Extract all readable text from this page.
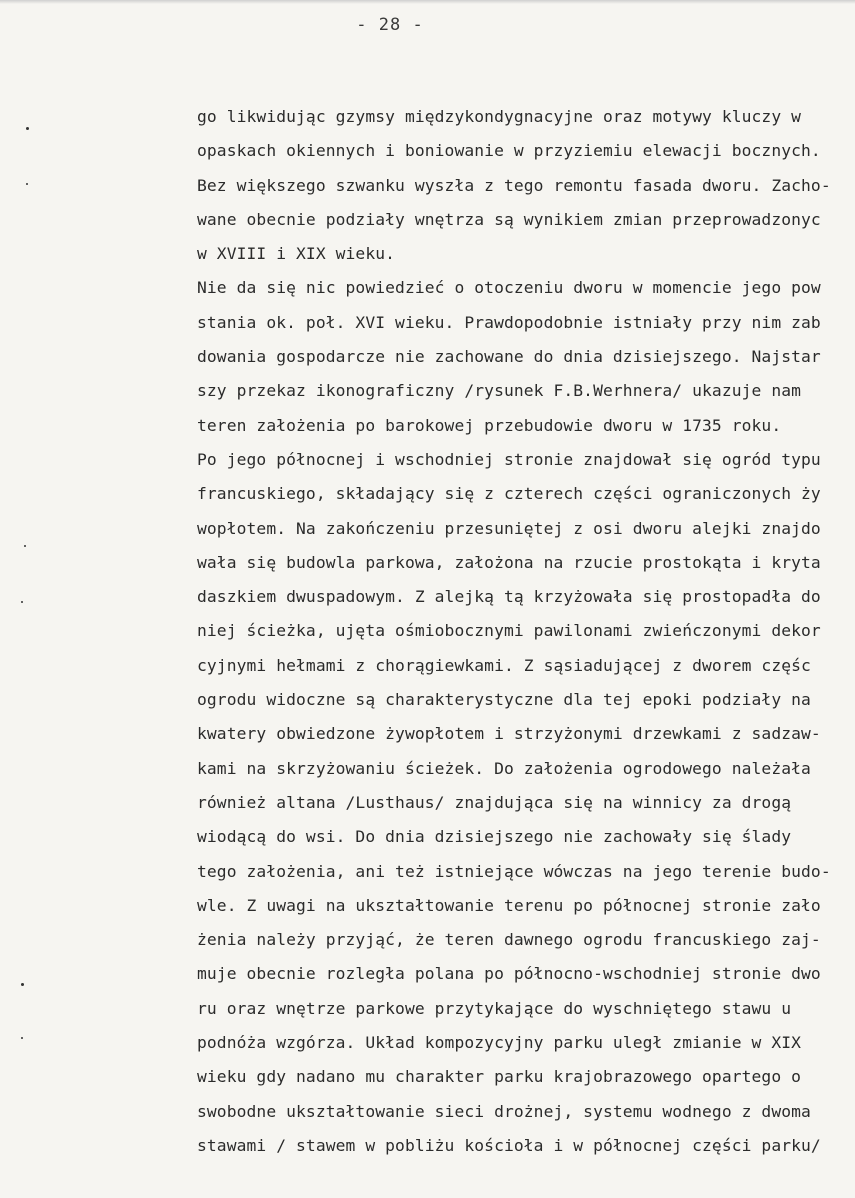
- 28 -
go likwidując gzymsy międzykondygnacyjne oraz motywy kluczy w
opaskach okiennych i boniowanie w przyziemiu elewacji bocznych.
Bez większego szwanku wyszła z tego remontu fasada dworu. Zacho-
wane obecnie podziały wnętrza są wynikiem zmian przeprowadzonyc
w XVIII i XIX wieku.
Nie da się nic powiedzieć o otoczeniu dworu w momencie jego pow
stania ok. poł. XVI wieku. Prawdopodobnie istniały przy nim zab
dowania gospodarcze nie zachowane do dnia dzisiejszego. Najstar
szy przekaz ikonograficzny /rysunek F.B.Werhnera/ ukazuje nam
teren założenia po barokowej przebudowie dworu w 1735 roku.
Po jego północnej i wschodniej stronie znajdował się ogród typu
francuskiego, składający się z czterech części ograniczonych ży
wopłotem. Na zakończeniu przesuniętej z osi dworu alejki znajdo
wała się budowla parkowa, założona na rzucie prostokąta i kryta
daszkiem dwuspadowym. Z alejką tą krzyżowała się prostopadła do
niej ścieżka, ujęta ośmiobocznymi pawilonami zwieńczonymi dekor
cyjnymi hełmami z chorągiewkami. Z sąsiadującej z dworem częśc
ogrodu widoczne są charakterystyczne dla tej epoki podziały na
kwatery obwiedzone żywopłotem i strzyżonymi drzewkami z sadzaw-
kami na skrzyżowaniu ścieżek. Do założenia ogrodowego należała
również altana /Lusthaus/ znajdująca się na winnicy za drogą
wiodącą do wsi. Do dnia dzisiejszego nie zachowały się ślady
tego założenia, ani też istniejące wówczas na jego terenie budo-
wle. Z uwagi na ukształtowanie terenu po północnej stronie zało
żenia należy przyjąć, że teren dawnego ogrodu francuskiego zaj-
muje obecnie rozległa polana po północno-wschodniej stronie dwo
ru oraz wnętrze parkowe przytykające do wyschniętego stawu u
podnóża wzgórza. Układ kompozycyjny parku uległ zmianie w XIX
wieku gdy nadano mu charakter parku krajobrazowego opartego o
swobodne ukształtowanie sieci drożnej, systemu wodnego z dwoma
stawami / stawem w pobliżu kościoła i w północnej części parku/
